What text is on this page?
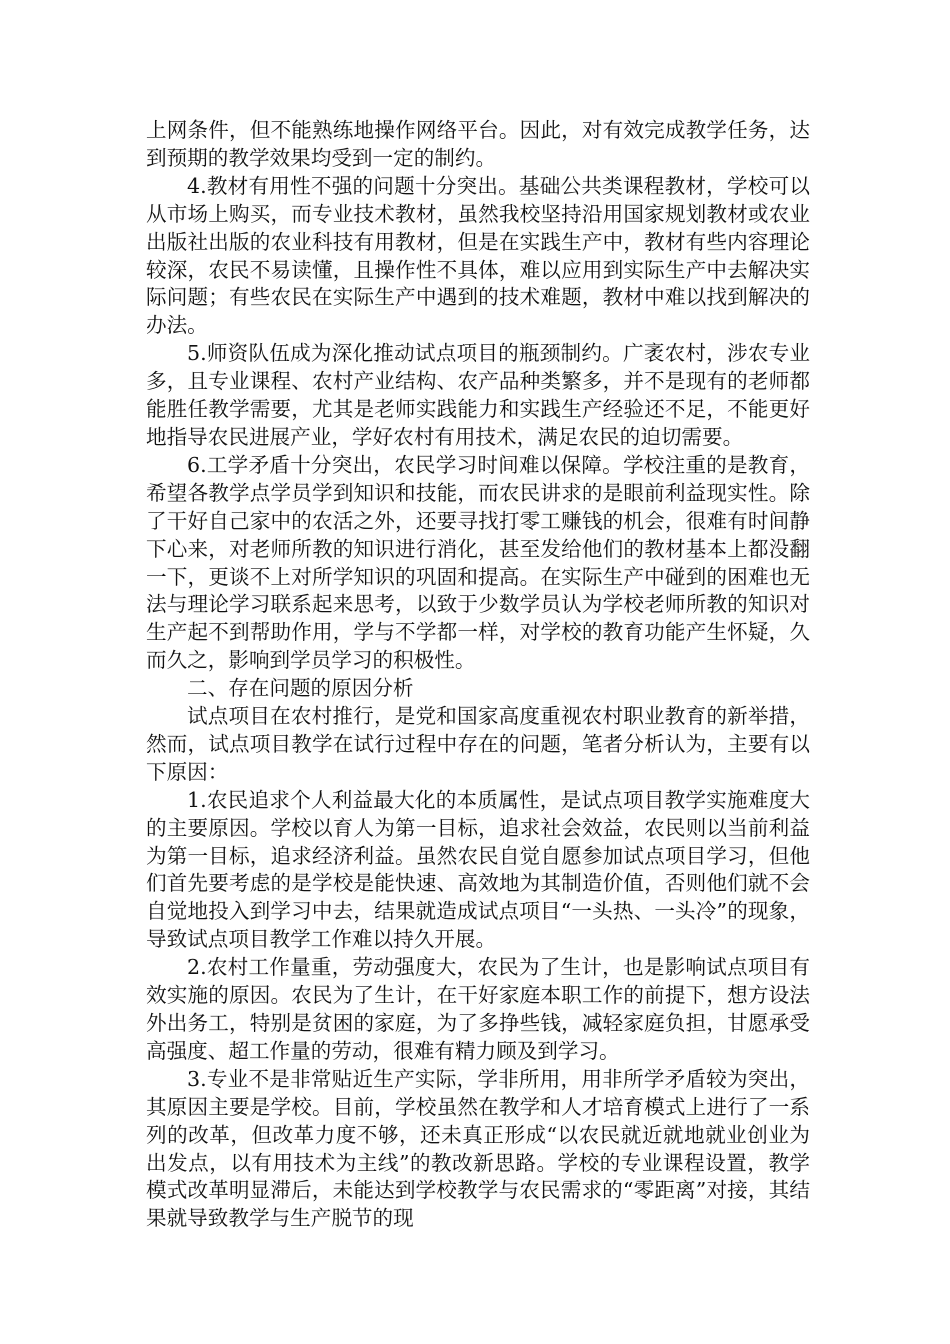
上网条件，但不能熟练地操作网络平台。因此，对有效完成教学任务，达到预期的教学效果均受到一定的制约。

4.教材有用性不强的问题十分突出。基础公共类课程教材，学校可以从市场上购买，而专业技术教材，虽然我校坚持沿用国家规划教材或农业出版社出版的农业科技有用教材，但是在实践生产中，教材有些内容理论较深，农民不易读懂，且操作性不具体，难以应用到实际生产中去解决实际问题；有些农民在实际生产中遇到的技术难题，教材中难以找到解决的办法。

5.师资队伍成为深化推动试点项目的瓶颈制约。广袤农村，涉农专业多，且专业课程、农村产业结构、农产品种类繁多，并不是现有的老师都能胜任教学需要，尤其是老师实践能力和实践生产经验还不足，不能更好地指导农民进展产业，学好农村有用技术，满足农民的迫切需要。

6.工学矛盾十分突出，农民学习时间难以保障。学校注重的是教育，希望各教学点学员学到知识和技能，而农民讲求的是眼前利益现实性。除了干好自己家中的农活之外，还要寻找打零工赚钱的机会，很难有时间静下心来，对老师所教的知识进行消化，甚至发给他们的教材基本上都没翻一下，更谈不上对所学知识的巩固和提高。在实际生产中碰到的困难也无法与理论学习联系起来思考，以致于少数学员认为学校老师所教的知识对生产起不到帮助作用，学与不学都一样，对学校的教育功能产生怀疑，久而久之，影响到学员学习的积极性。

二、存在问题的原因分析

试点项目在农村推行，是党和国家高度重视农村职业教育的新举措，然而，试点项目教学在试行过程中存在的问题，笔者分析认为，主要有以下原因：

1.农民追求个人利益最大化的本质属性，是试点项目教学实施难度大的主要原因。学校以育人为第一目标，追求社会效益，农民则以当前利益为第一目标，追求经济利益。虽然农民自觉自愿参加试点项目学习，但他们首先要考虑的是学校是能快速、高效地为其制造价值，否则他们就不会自觉地投入到学习中去，结果就造成试点项目“一头热、一头冷”的现象，导致试点项目教学工作难以持久开展。

2.农村工作量重，劳动强度大，农民为了生计，也是影响试点项目有效实施的原因。农民为了生计，在干好家庭本职工作的前提下，想方设法外出务工，特别是贫困的家庭，为了多挣些钱，减轻家庭负担，甘愿承受高强度、超工作量的劳动，很难有精力顾及到学习。

3.专业不是非常贴近生产实际，学非所用，用非所学矛盾较为突出，其原因主要是学校。目前，学校虽然在教学和人才培育模式上进行了一系列的改革，但改革力度不够，还未真正形成“以农民就近就地就业创业为出发点，以有用技术为主线”的教改新思路。学校的专业课程设置，教学模式改革明显滞后，未能达到学校教学与农民需求的“零距离”对接，其结果就导致教学与生产脱节的现
